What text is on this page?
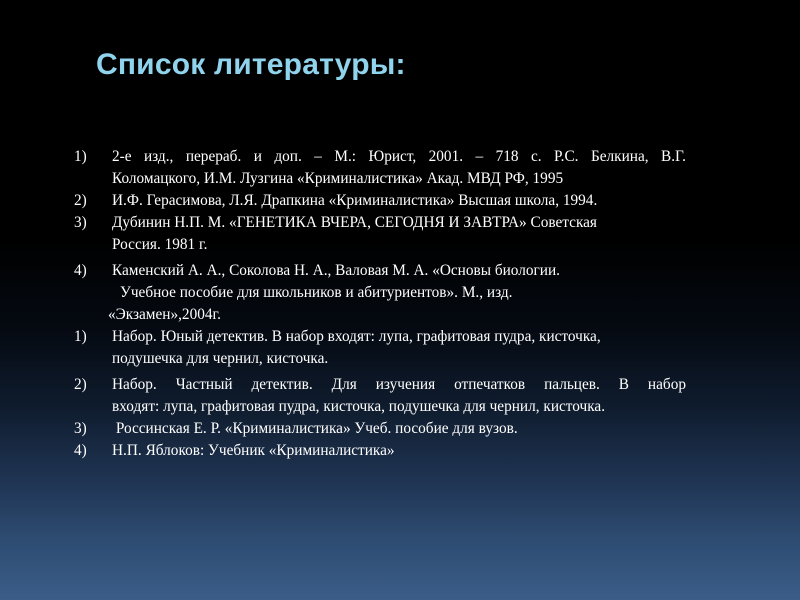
Список литературы:
1)	2-е изд., перераб. и доп. – М.: Юрист, 2001. – 718 с. Р.С. Белкина, В.Г.
Коломацкого, И.М. Лузгина «Криминалистика» Акад. МВД РФ, 1995
2)	И.Ф. Герасимова, Л.Я. Драпкина «Криминалистика» Высшая школа, 1994.
3)	Дубинин Н.П. М. «ГЕНЕТИКА ВЧЕРА, СЕГОДНЯ И ЗАВТРА» Советская
Россия. 1981 г.
4)	Каменский А. А., Соколова Н. А., Валовая М. А. «Основы биологии.
Учебное пособие для школьников и абитуриентов». М., изд.
«Экзамен»,2004г.
1)	Набор. Юный детектив. В набор входят: лупа, графитовая пудра, кисточка,
подушечка для чернил, кисточка.
2)	Набор. Частный детектив. Для изучения отпечатков пальцев. В набор
входят: лупа, графитовая пудра, кисточка, подушечка для чернил, кисточка.
3)	Россинская Е. Р. «Криминалистика» Учеб. пособие для вузов.
4)	Н.П. Яблоков: Учебник «Криминалистика»
